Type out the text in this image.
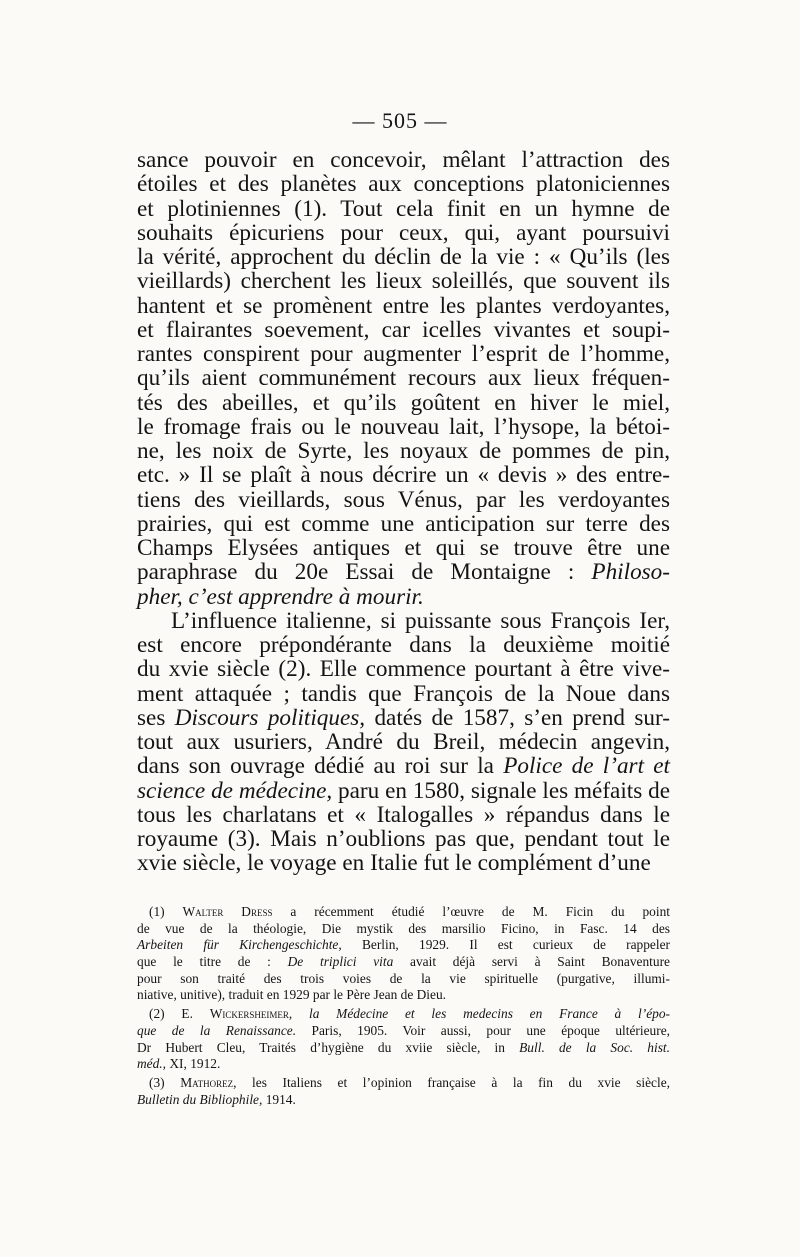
— 505 —
sance pouvoir en concevoir, mêlant l’attraction des
étoiles et des planètes aux conceptions platoniciennes
et plotiniennes (1). Tout cela finit en un hymne de
souhaits épicuriens pour ceux, qui, ayant poursuivi
la vérité, approchent du déclin de la vie : « Qu’ils (les
vieillards) cherchent les lieux soleillés, que souvent ils
hantent et se promènent entre les plantes verdoyantes,
et flairantes soevement, car icelles vivantes et soupi-
rantes conspirent pour augmenter l’esprit de l’homme,
qu’ils aient communément recours aux lieux fréquen-
tés des abeilles, et qu’ils goûtent en hiver le miel,
le fromage frais ou le nouveau lait, l’hysope, la bétoi-
ne, les noix de Syrte, les noyaux de pommes de pin,
etc. » Il se plaît à nous décrire un « devis » des entre-
tiens des vieillards, sous Vénus, par les verdoyantes
prairies, qui est comme une anticipation sur terre des
Champs Elysées antiques et qui se trouve être une
paraphrase du 20e Essai de Montaigne : Philoso-
pher, c’est apprendre à mourir.
L’influence italienne, si puissante sous François Ier,
est encore prépondérante dans la deuxième moitié
du xvie siècle (2). Elle commence pourtant à être vive-
ment attaquée ; tandis que François de la Noue dans
ses Discours politiques, datés de 1587, s’en prend sur-
tout aux usuriers, André du Breil, médecin angevin,
dans son ouvrage dédié au roi sur la Police de l’art et
science de médecine, paru en 1580, signale les méfaits de
tous les charlatans et « Italogalles » répandus dans le
royaume (3). Mais n’oublions pas que, pendant tout le
xvie siècle, le voyage en Italie fut le complément d’une
(1) Walter Dress a récemment étudié l’œuvre de M. Ficin du point
de vue de la théologie, Die mystik des marsilio Ficino, in Fasc. 14 des
Arbeiten für Kirchengeschichte, Berlin, 1929. Il est curieux de rappeler
que le titre de : De triplici vita avait déjà servi à Saint Bonaventure
pour son traité des trois voies de la vie spirituelle (purgative, illumi-
niative, unitive), traduit en 1929 par le Père Jean de Dieu.
(2) E. Wickersheimer, la Médecine et les medecins en France à l’épo-
que de la Renaissance. Paris, 1905. Voir aussi, pour une époque ultérieure,
Dr Hubert Cleu, Traités d’hygiène du xviie siècle, in Bull. de la Soc. hist.
méd., XI, 1912.
(3) Mathorez, les Italiens et l’opinion française à la fin du xvie siècle,
Bulletin du Bibliophile, 1914.
